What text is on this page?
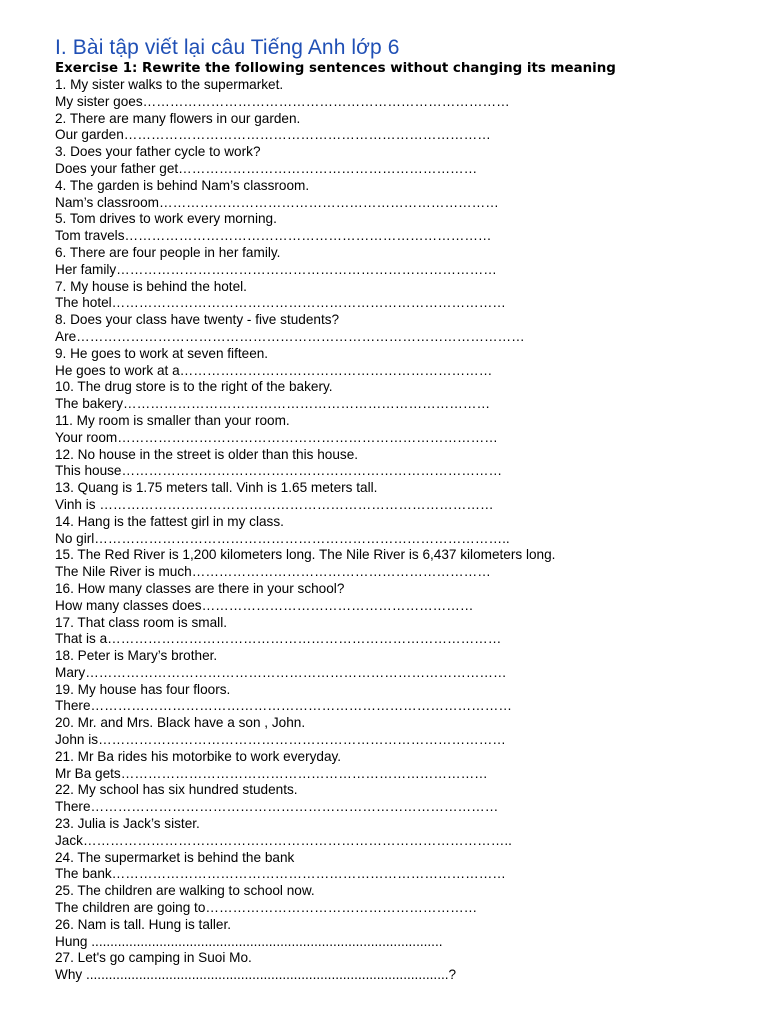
I. Bài tập viết lại câu Tiếng Anh lớp 6
Exercise 1: Rewrite the following sentences without changing its meaning
1. My sister walks to the supermarket.
My sister goes………………………………………………………………………
2. There are many flowers in our garden.
Our garden………………………………………………………………………
3. Does your father cycle to work?
Does your father get…………………………………………………………
4. The garden is behind Nam’s classroom.
Nam’s classroom…………………………………………………………………
5. Tom drives to work every morning.
Tom travels………………………………………………………………………
6. There are four people in her family.
Her family…………………………………………………………………………
7. My house is behind the hotel.
The hotel……………………………………………………………………………
8. Does your class have twenty - five students?
Are………………………………………………………………………………………
9. He goes to work at seven fifteen.
He goes to work at a……………………………………………………………
10. The drug store is to the right of the bakery.
The bakery………………………………………………………………………
11. My room is smaller than your room.
Your room…………………………………………………………………………
12. No house in the street is older than this house.
This house…………………………………………………………………………
13. Quang is 1.75 meters tall. Vinh is 1.65 meters tall.
Vinh is ……………………………………………………………………………
14. Hang is the fattest girl in my class.
No girl………………………………………………………………………………..
15. The Red River is 1,200 kilometers long. The Nile River is 6,437 kilometers long.
The Nile River is much…………………………………………………………
16. How many classes are there in your school?
How many classes does……………………………………………………
17. That class room is small.
That is a……………………………………………………………………………
18. Peter is Mary’s brother.
Mary…………………………………………………………………………………
19. My house has four floors.
There…………………………………………………………………………………
20. Mr. and Mrs. Black have a son , John.
John is………………………………………………………………………………
21. Mr Ba rides his motorbike to work everyday.
Mr Ba gets………………………………………………………………………
22. My school has six hundred students.
There………………………………………………………………………………
23. Julia is Jack’s sister.
Jack…………………………………………………………………………………..
24. The supermarket is behind the bank
The bank……………………………………………………………………………
25. The children are walking to school now.
The children are going to……………………………………………………
26. Nam is tall. Hung is taller.
Hung .............................................................................................
27. Let's go camping in Suoi Mo.
Why ................................................................................................?
